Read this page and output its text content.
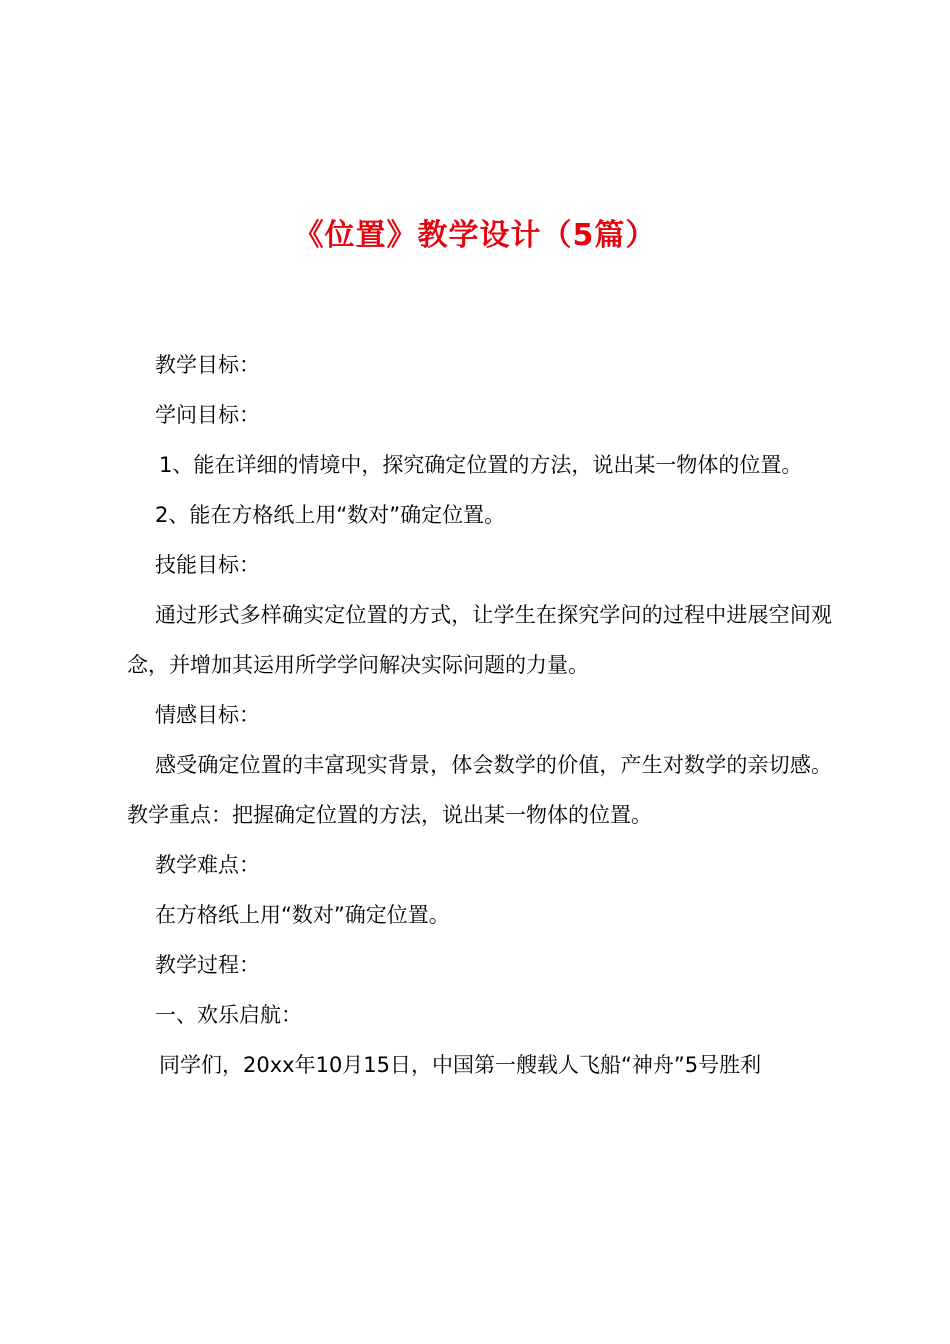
《位置》教学设计（5篇）

教学目标：

学问目标：

1、能在详细的情境中，探究确定位置的方法，说出某一物体的位置。

2、能在方格纸上用“数对”确定位置。

技能目标：

通过形式多样确实定位置的方式，让学生在探究学问的过程中进展空间观念，并增加其运用所学学问解决实际问题的力量。

情感目标：

感受确定位置的丰富现实背景，体会数学的价值，产生对数学的亲切感。教学重点：把握确定位置的方法，说出某一物体的位置。

教学难点：

在方格纸上用“数对”确定位置。

教学过程：

一、欢乐启航：

同学们，20xx年10月15日，中国第一艘载人飞船“神舟”5号胜利
